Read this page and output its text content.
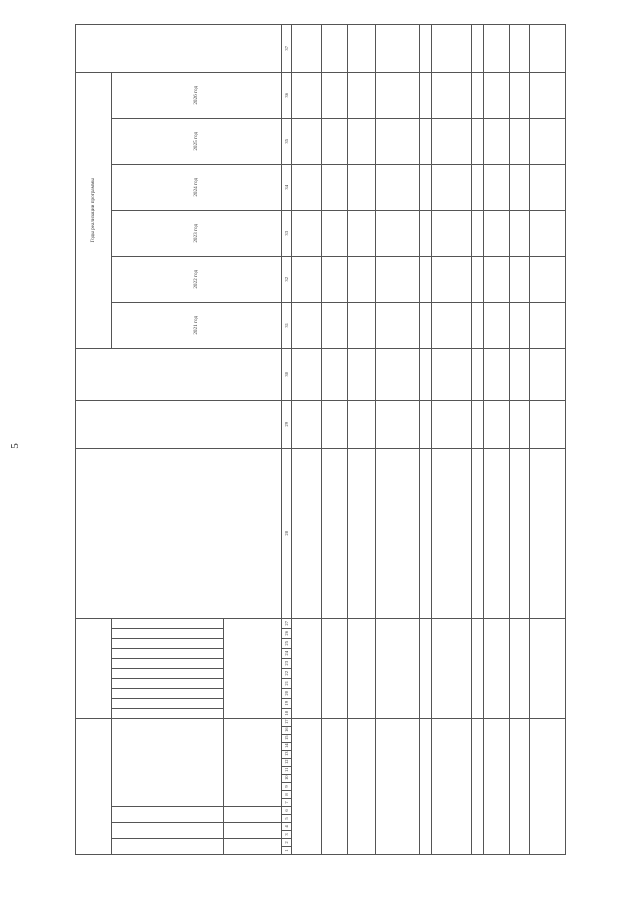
5
																														Годы реализации программы						
																														2021 год	2022 год	2023 год	2024 год	2025 год	2026 год	

1	2	3	4	5	6	7	8	9	10	11	12	13	14	15	16	17	18	19	20	21	22	23	24	25	26	27	28	29	30	31	32	33	34	35	36	37
